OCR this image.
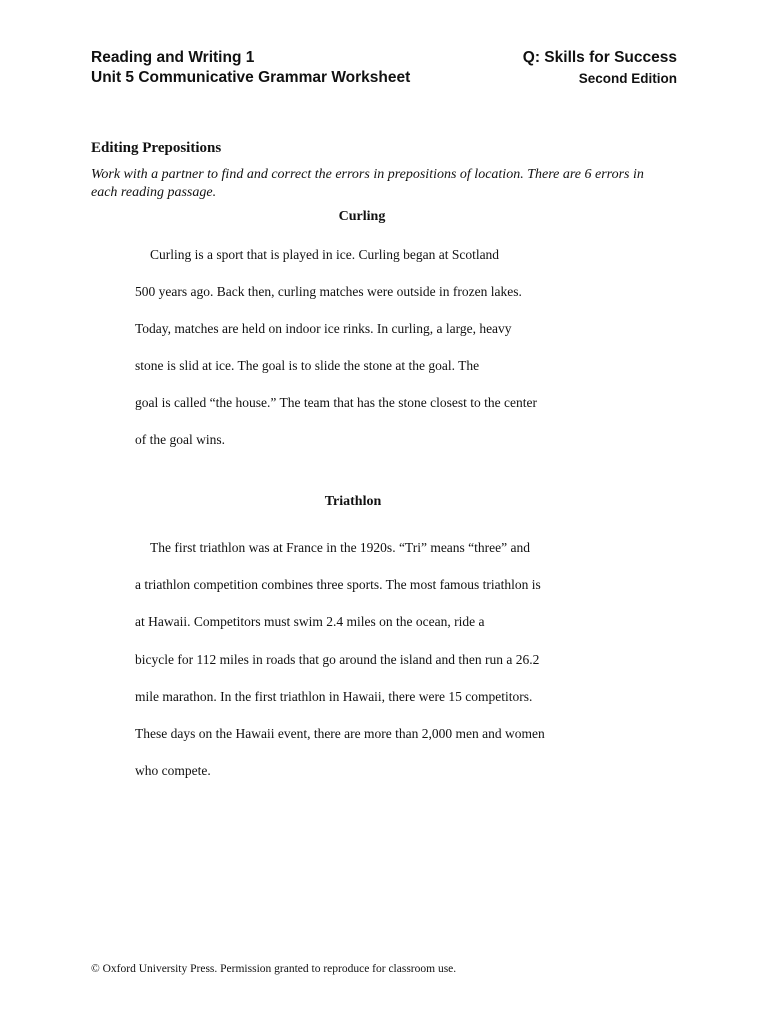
Reading and Writing 1
Unit 5 Communicative Grammar Worksheet
Q: Skills for Success
Second Edition
Editing Prepositions
Work with a partner to find and correct the errors in prepositions of location. There are 6 errors in each reading passage.
Curling
Curling is a sport that is played in ice. Curling began at Scotland
500 years ago. Back then, curling matches were outside in frozen lakes.
Today, matches are held on indoor ice rinks. In curling, a large, heavy
stone is slid at ice. The goal is to slide the stone at the goal. The
goal is called “the house.” The team that has the stone closest to the center
of the goal wins.
Triathlon
The first triathlon was at France in the 1920s. “Tri” means “three” and
a triathlon competition combines three sports. The most famous triathlon is
at Hawaii. Competitors must swim 2.4 miles on the ocean, ride a
bicycle for 112 miles in roads that go around the island and then run a 26.2
mile marathon. In the first triathlon in Hawaii, there were 15 competitors.
These days on the Hawaii event, there are more than 2,000 men and women
who compete.
© Oxford University Press. Permission granted to reproduce for classroom use.
